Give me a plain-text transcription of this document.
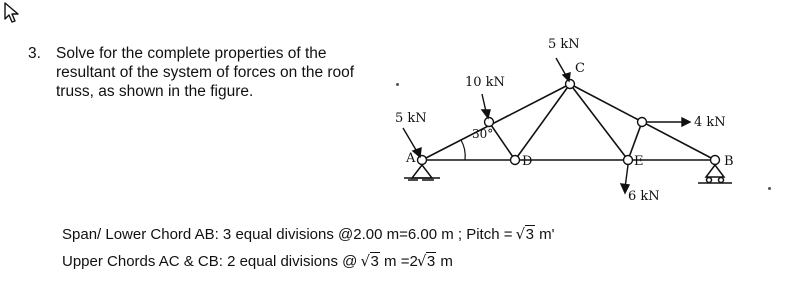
3. Solve for the complete properties of the resultant of the system of forces on the roof truss, as shown in the figure.
5 kN
10 kN
5 kN	4 kN
6 kN
30°
A	B
C
D	E
Span/ Lower Chord AB: 3 equal divisions @2.00 m=6.00 m ; Pitch = √ 3 m'
Upper Chords AC & CB: 2 equal divisions @ √ 3 m =2√ 3 m
